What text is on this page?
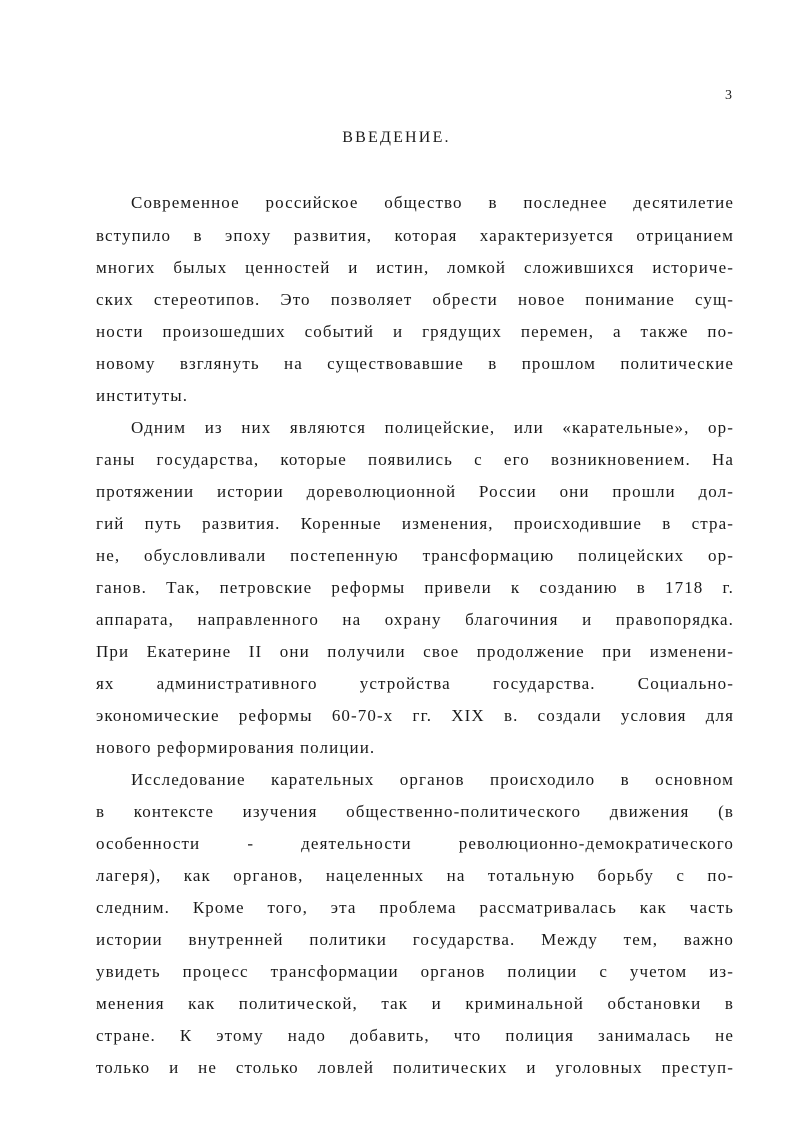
3
ВВЕДЕНИЕ.
Современное российское общество в последнее десятилетие
вступило в эпоху развития, которая характеризуется отрицанием
многих былых ценностей и истин, ломкой сложившихся историче-
ских стереотипов. Это позволяет обрести новое понимание сущ-
ности произошедших событий и грядущих перемен, а также по-
новому взглянуть на существовавшие в прошлом политические
институты.
Одним из них являются полицейские, или «карательные», ор-
ганы государства, которые появились с его возникновением. На
протяжении истории дореволюционной России они прошли дол-
гий путь развития. Коренные изменения, происходившие в стра-
не, обусловливали постепенную трансформацию полицейских ор-
ганов. Так, петровские реформы привели к созданию в 1718 г.
аппарата, направленного на охрану благочиния и правопорядка.
При Екатерине II они получили свое продолжение при изменени-
ях административного устройства государства. Социально-
экономические реформы 60-70-х гг. XIX в. создали условия для
нового реформирования полиции.
Исследование карательных органов происходило в основном
в контексте изучения общественно-политического движения (в
особенности - деятельности революционно-демократического
лагеря), как органов, нацеленных на тотальную борьбу с по-
следним. Кроме того, эта проблема рассматривалась как часть
истории внутренней политики государства. Между тем, важно
увидеть процесс трансформации органов полиции с учетом из-
менения как политической, так и криминальной обстановки в
стране. К этому надо добавить, что полиция занималась не
только и не столько ловлей политических и уголовных преступ-
